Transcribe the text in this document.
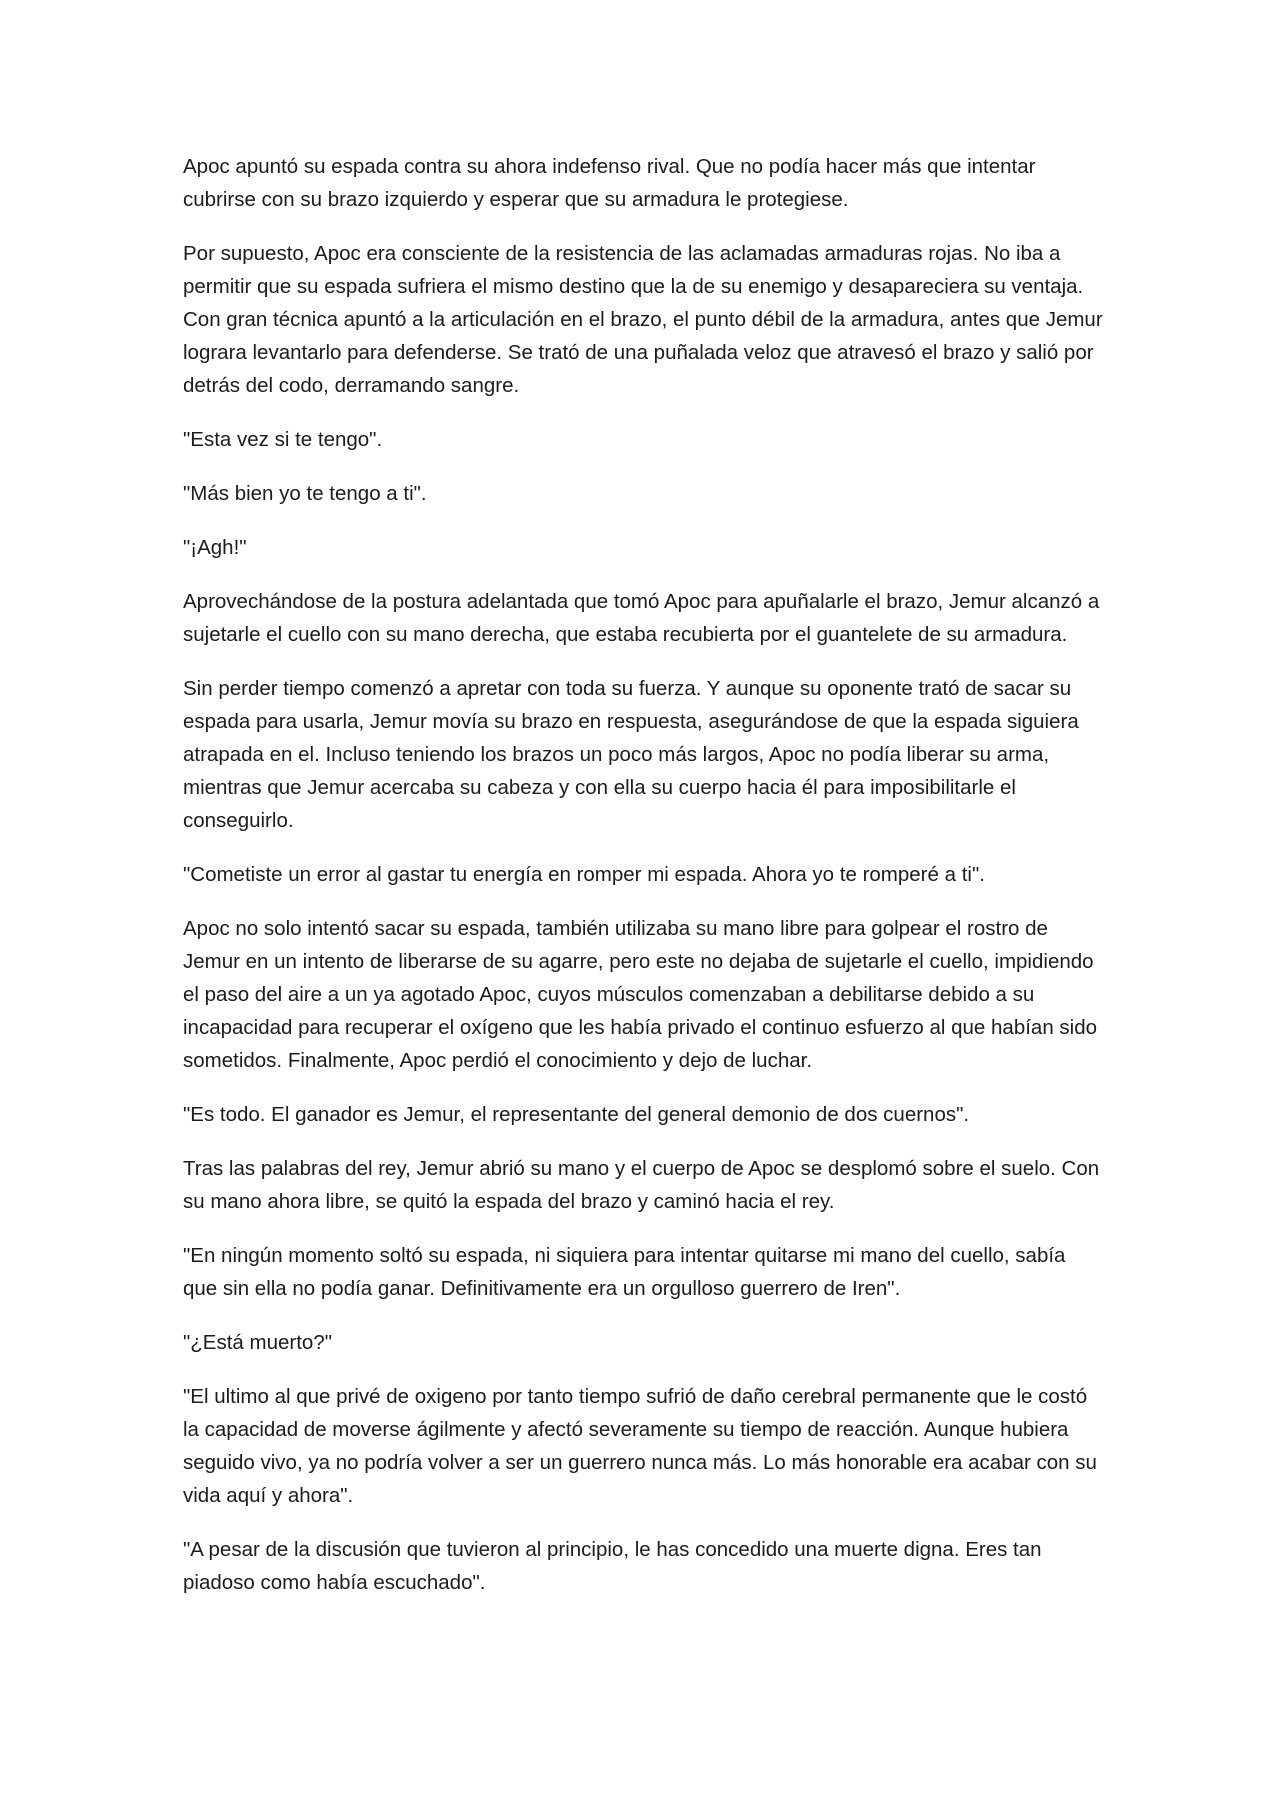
Apoc apuntó su espada contra su ahora indefenso rival. Que no podía hacer más que intentar cubrirse con su brazo izquierdo y esperar que su armadura le protegiese.

Por supuesto, Apoc era consciente de la resistencia de las aclamadas armaduras rojas. No iba a permitir que su espada sufriera el mismo destino que la de su enemigo y desapareciera su ventaja. Con gran técnica apuntó a la articulación en el brazo, el punto débil de la armadura, antes que Jemur lograra levantarlo para defenderse. Se trató de una puñalada veloz que atravesó el brazo y salió por detrás del codo, derramando sangre.

"Esta vez si te tengo".

"Más bien yo te tengo a ti".

"¡Agh!"

Aprovechándose de la postura adelantada que tomó Apoc para apuñalarle el brazo, Jemur alcanzó a sujetarle el cuello con su mano derecha, que estaba recubierta por el guantelete de su armadura.

Sin perder tiempo comenzó a apretar con toda su fuerza. Y aunque su oponente trató de sacar su espada para usarla, Jemur movía su brazo en respuesta, asegurándose de que la espada siguiera atrapada en el. Incluso teniendo los brazos un poco más largos, Apoc no podía liberar su arma, mientras que Jemur acercaba su cabeza y con ella su cuerpo hacia él para imposibilitarle el conseguirlo.

"Cometiste un error al gastar tu energía en romper mi espada. Ahora yo te romperé a ti".

Apoc no solo intentó sacar su espada, también utilizaba su mano libre para golpear el rostro de Jemur en un intento de liberarse de su agarre, pero este no dejaba de sujetarle el cuello, impidiendo el paso del aire a un ya agotado Apoc, cuyos músculos comenzaban a debilitarse debido a su incapacidad para recuperar el oxígeno que les había privado el continuo esfuerzo al que habían sido sometidos. Finalmente, Apoc perdió el conocimiento y dejo de luchar.

"Es todo. El ganador es Jemur, el representante del general demonio de dos cuernos".

Tras las palabras del rey, Jemur abrió su mano y el cuerpo de Apoc se desplomó sobre el suelo. Con su mano ahora libre, se quitó la espada del brazo y caminó hacia el rey.

"En ningún momento soltó su espada, ni siquiera para intentar quitarse mi mano del cuello, sabía que sin ella no podía ganar. Definitivamente era un orgulloso guerrero de Iren".

"¿Está muerto?"

"El ultimo al que privé de oxigeno por tanto tiempo sufrió de daño cerebral permanente que le costó la capacidad de moverse ágilmente y afectó severamente su tiempo de reacción. Aunque hubiera seguido vivo, ya no podría volver a ser un guerrero nunca más. Lo más honorable era acabar con su vida aquí y ahora".

"A pesar de la discusión que tuvieron al principio, le has concedido una muerte digna. Eres tan piadoso como había escuchado".
